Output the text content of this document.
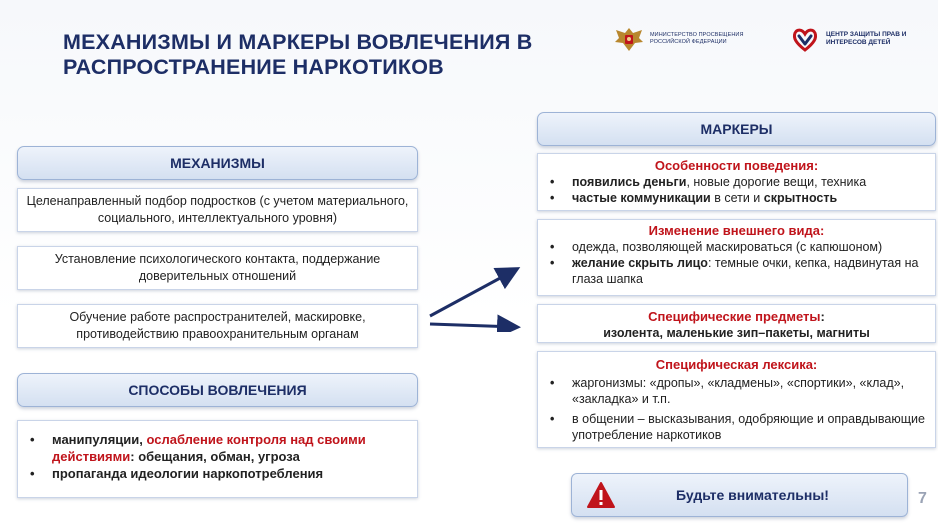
МЕХАНИЗМЫ И МАРКЕРЫ ВОВЛЕЧЕНИЯ В РАСПРОСТРАНЕНИЕ НАРКОТИКОВ
МИНИСТЕРСТВО ПРОСВЕЩЕНИЯ РОССИЙСКОЙ ФЕДЕРАЦИИ
ЦЕНТР ЗАЩИТЫ ПРАВ И ИНТЕРЕСОВ ДЕТЕЙ
МЕХАНИЗМЫ
Целенаправленный подбор подростков (с учетом материального, социального, интеллектуального уровня)
Установление психологического контакта, поддержание доверительных отношений
Обучение работе распространителей, маскировке, противодействию правоохранительным органам
СПОСОБЫ ВОВЛЕЧЕНИЯ
•	манипуляции, ослабление контроля над своими действиями: обещания, обман, угроза
•	пропаганда идеологии наркопотребления
МАРКЕРЫ
Особенности поведения:
•	появились деньги, новые дорогие вещи, техника
•	частые коммуникации в сети и скрытность
Изменение внешнего вида:
•	одежда, позволяющей маскироваться (с капюшоном)
•	желание скрыть лицо: темные очки, кепка, надвинутая на глаза шапка
Специфические предметы:
изолента, маленькие зип–пакеты, магниты
Специфическая лексика:
•	жаргонизмы: «дропы», «кладмены», «спортики», «клад», «закладка» и т.п.
•	в общении – высказывания, одобряющие и оправдывающие употребление наркотиков
Будьте внимательны!	7
